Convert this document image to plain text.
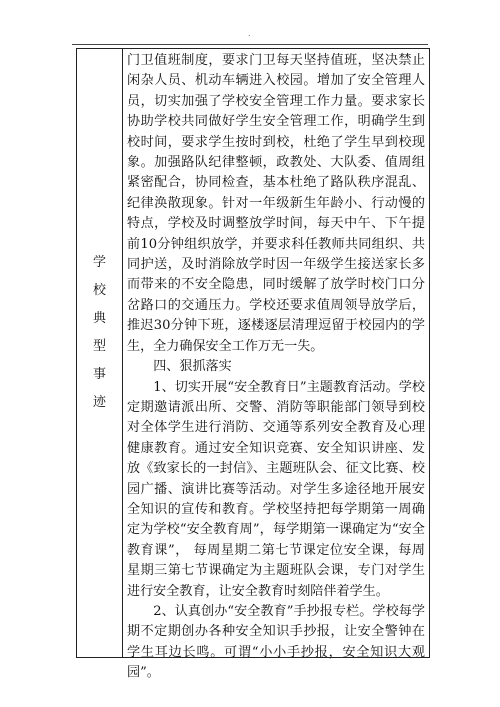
.
学
校
典
型
事
迹

门卫值班制度，要求门卫每天坚持值班，坚决禁止闲杂人员、机动车辆进入校园。增加了安全管理人员，切实加强了学校安全管理工作力量。要求家长协助学校共同做好学生安全管理工作，明确学生到校时间，要求学生按时到校，杜绝了学生早到校现象。加强路队纪律整顿，政教处、大队委、值周组紧密配合，协同检查，基本杜绝了路队秩序混乱、纪律涣散现象。针对一年级新生年龄小、行动慢的特点，学校及时调整放学时间，每天中午、下午提前10分钟组织放学，并要求科任教师共同组织、共同护送，及时消除放学时因一年级学生接送家长多而带来的不安全隐患，同时缓解了放学时校门口分岔路口的交通压力。学校还要求值周领导放学后，推迟30分钟下班，逐楼逐层清理逗留于校园内的学生，全力确保安全工作万无一失。

四、狠抓落实

1、切实开展“安全教育日”主题教育活动。学校定期邀请派出所、交警、消防等职能部门领导到校对全体学生进行消防、交通等系列安全教育及心理健康教育。通过安全知识竞赛、安全知识讲座、发放《致家长的一封信》、主题班队会、征文比赛、校园广播、演讲比赛等活动。对学生多途径地开展安全知识的宣传和教育。学校坚持把每学期第一周确定为学校“安全教育周”，每学期第一课确定为“安全教育课”， 每周星期二第七节课定位安全课，每周星期三第七节课确定为主题班队会课，专门对学生进行安全教育，让安全教育时刻陪伴着学生。

2、认真创办“安全教育”手抄报专栏。学校每学期不定期创办各种安全知识手抄报，让安全警钟在学生耳边长鸣。可谓“小小手抄报，安全知识大观园”。
